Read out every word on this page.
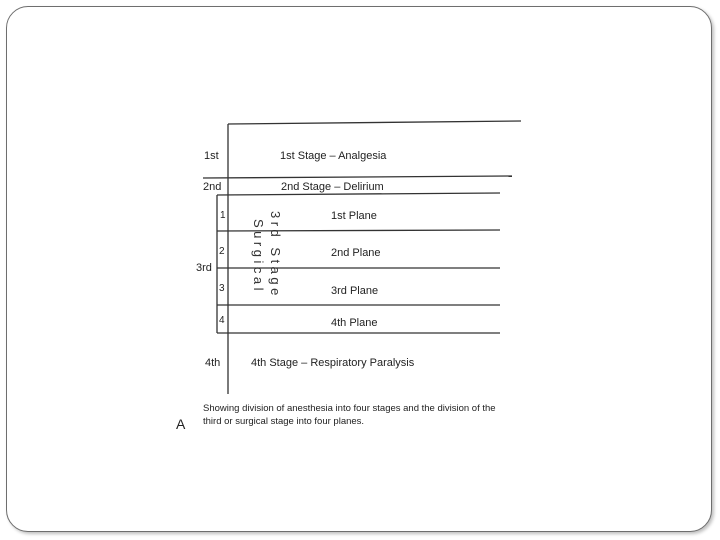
1st
2nd
3rd
4th
1st Stage – Analgesia
2nd Stage – Delirium
4th Stage – Respiratory Paralysis
1
2
3
4
1st Plane
2nd Plane
3rd Plane
4th Plane
3rd Stage
Surgical
A
Showing division of anesthesia into four stages and the division of the
third or surgical stage into four planes.
